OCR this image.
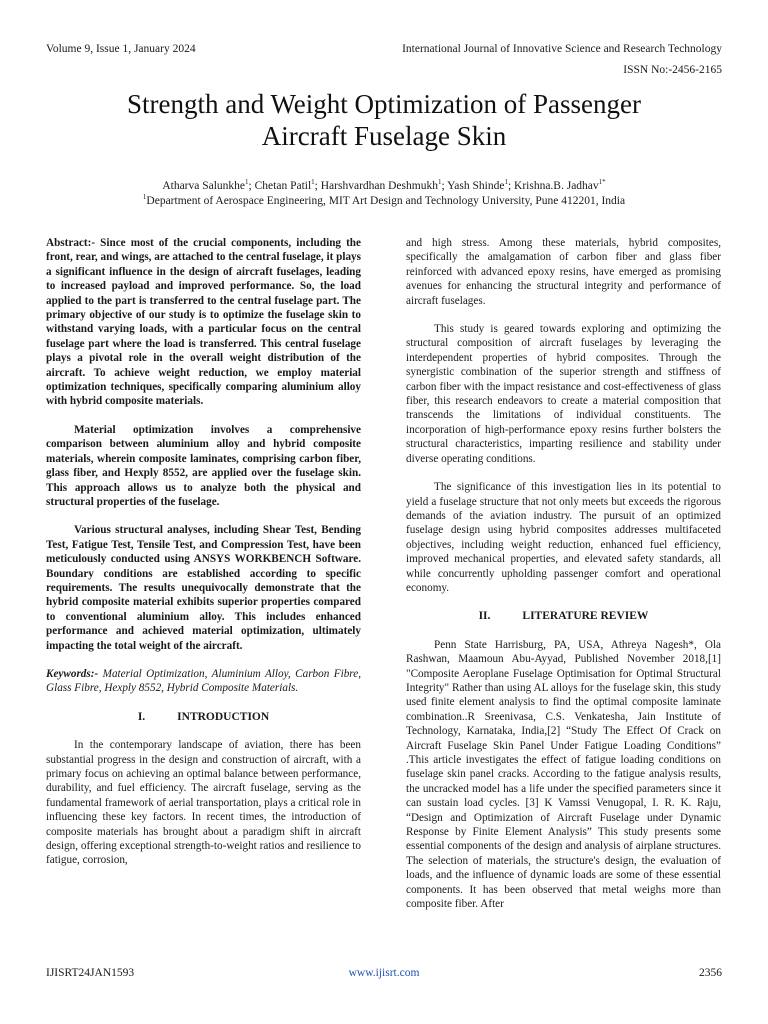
Volume 9, Issue 1, January 2024	International Journal of Innovative Science and Research Technology
ISSN No:-2456-2165
Strength and Weight Optimization of Passenger
Aircraft Fuselage Skin
Atharva Salunkhe$^1$; Chetan Patil$^1$; Harshvardhan Deshmukh$^1$; Yash Shinde$^1$; Krishna.B. Jadhav$^{1*}$
$^1$Department of Aerospace Engineering, MIT Art Design and Technology University, Pune 412201, India

Abstract:- Since most of the crucial components, including the front, rear, and wings, are attached to the central fuselage, it plays a significant influence in the design of aircraft fuselages, leading to increased payload and improved performance. So, the load applied to the part is transferred to the central fuselage part. The primary objective of our study is to optimize the fuselage skin to withstand varying loads, with a particular focus on the central fuselage part where the load is transferred. This central fuselage plays a pivotal role in the overall weight distribution of the aircraft. To achieve weight reduction, we employ material optimization techniques, specifically comparing aluminium alloy with hybrid composite materials.

Material optimization involves a comprehensive comparison between aluminium alloy and hybrid composite materials, wherein composite laminates, comprising carbon fiber, glass fiber, and Hexply 8552, are applied over the fuselage skin. This approach allows us to analyze both the physical and structural properties of the fuselage.

Various structural analyses, including Shear Test, Bending Test, Fatigue Test, Tensile Test, and Compression Test, have been meticulously conducted using ANSYS WORKBENCH Software. Boundary conditions are established according to specific requirements. The results unequivocally demonstrate that the hybrid composite material exhibits superior properties compared to conventional aluminium alloy. This includes enhanced performance and achieved material optimization, ultimately impacting the total weight of the aircraft.

Keywords:- Material Optimization, Aluminium Alloy, Carbon Fibre, Glass Fibre, Hexply 8552, Hybrid Composite Materials.

I.	INTRODUCTION

In the contemporary landscape of aviation, there has been substantial progress in the design and construction of aircraft, with a primary focus on achieving an optimal balance between performance, durability, and fuel efficiency. The aircraft fuselage, serving as the fundamental framework of aerial transportation, plays a critical role in influencing these key factors. In recent times, the introduction of composite materials has brought about a paradigm shift in aircraft design, offering exceptional strength-to-weight ratios and resilience to fatigue, corrosion,

and high stress. Among these materials, hybrid composites, specifically the amalgamation of carbon fiber and glass fiber reinforced with advanced epoxy resins, have emerged as promising avenues for enhancing the structural integrity and performance of aircraft fuselages.

This study is geared towards exploring and optimizing the structural composition of aircraft fuselages by leveraging the interdependent properties of hybrid composites. Through the synergistic combination of the superior strength and stiffness of carbon fiber with the impact resistance and cost-effectiveness of glass fiber, this research endeavors to create a material composition that transcends the limitations of individual constituents. The incorporation of high-performance epoxy resins further bolsters the structural characteristics, imparting resilience and stability under diverse operating conditions.

The significance of this investigation lies in its potential to yield a fuselage structure that not only meets but exceeds the rigorous demands of the aviation industry. The pursuit of an optimized fuselage design using hybrid composites addresses multifaceted objectives, including weight reduction, enhanced fuel efficiency, improved mechanical properties, and elevated safety standards, all while concurrently upholding passenger comfort and operational economy.

II.	LITERATURE REVIEW

Penn State Harrisburg, PA, USA, Athreya Nagesh*, Ola Rashwan, Maamoun Abu-Ayyad, Published November 2018,[1] "Composite Aeroplane Fuselage Optimisation for Optimal Structural Integrity" Rather than using AL alloys for the fuselage skin, this study used finite element analysis to find the optimal composite laminate combination..R Sreenivasa, C.S. Venkatesha, Jain Institute of Technology, Karnataka, India,[2] “Study The Effect Of Crack on Aircraft Fuselage Skin Panel Under Fatigue Loading Conditions” .This article investigates the effect of fatigue loading conditions on fuselage skin panel cracks. According to the fatigue analysis results, the uncracked model has a life under the specified parameters since it can sustain load cycles. [3] K Vamssi Venugopal, I. R. K. Raju, “Design and Optimization of Aircraft Fuselage under Dynamic Response by Finite Element Analysis” This study presents some essential components of the design and analysis of airplane structures. The selection of materials, the structure's design, the evaluation of loads, and the influence of dynamic loads are some of these essential components. It has been observed that metal weighs more than composite fiber. After

IJISRT24JAN1593	www.ijisrt.com	2356
